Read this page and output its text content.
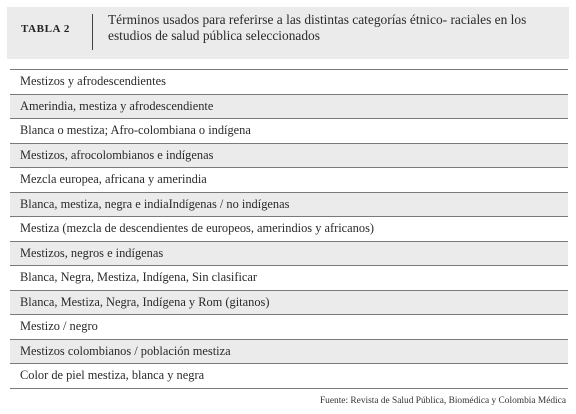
TABLA 2
Términos usados para referirse a las distintas categorías étnico- raciales en los estudios de salud pública seleccionados
Mestizos y afrodescendientes
Amerindia, mestiza y afrodescendiente
Blanca o mestiza; Afro-colombiana o indígena
Mestizos, afrocolombianos e indígenas
Mezcla europea, africana y amerindia
Blanca, mestiza, negra e indiaIndígenas / no indígenas
Mestiza (mezcla de descendientes de europeos, amerindios y africanos)
Mestizos, negros e indígenas
Blanca, Negra, Mestiza, Indígena, Sin clasificar
Blanca, Mestiza, Negra, Indígena y Rom (gitanos)
Mestizo / negro
Mestizos colombianos / población mestiza
Color de piel mestiza, blanca y negra
Fuente: Revista de Salud Pública, Biomédica y Colombia Médica
